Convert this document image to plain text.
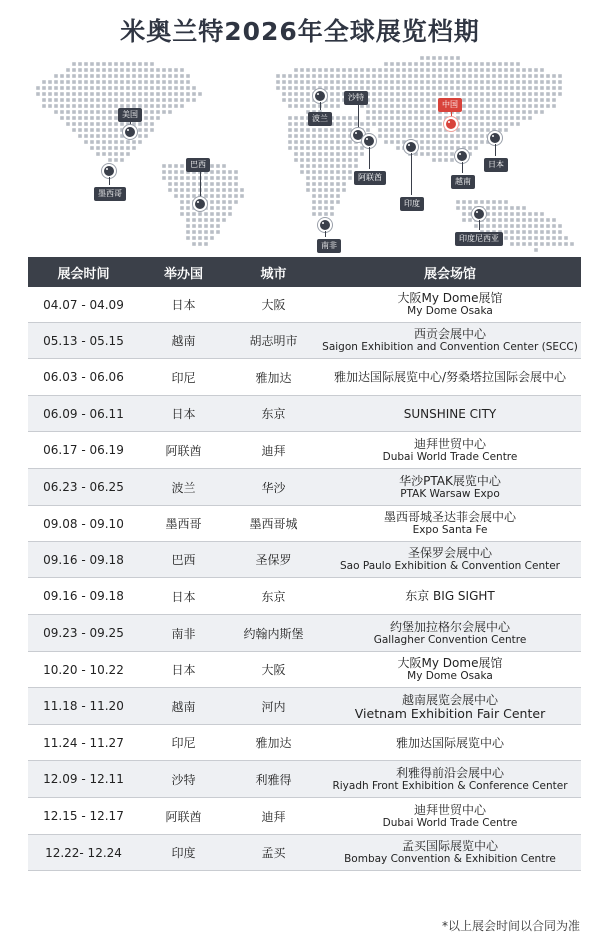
米奥兰特2026年全球展览档期
美国
墨西哥
巴西
波兰
沙特
阿联酋
南非
印度
中国
越南
日本
印度尼西亚
展会时间	举办国	城市	展会场馆
04.07 - 04.09	日本	大阪	大阪My Dome展馆
My Dome Osaka
05.13 - 05.15	越南	胡志明市	西贡会展中心
Saigon Exhibition and Convention Center (SECC)
06.03 - 06.06	印尼	雅加达	雅加达国际展览中心/努桑塔拉国际会展中心
06.09 - 06.11	日本	东京	SUNSHINE CITY
06.17 - 06.19	阿联酋	迪拜	迪拜世贸中心
Dubai World Trade Centre
06.23 - 06.25	波兰	华沙	华沙PTAK展览中心
PTAK Warsaw Expo
09.08 - 09.10	墨西哥	墨西哥城	墨西哥城圣达菲会展中心
Expo Santa Fe
09.16 - 09.18	巴西	圣保罗	圣保罗会展中心
Sao Paulo Exhibition & Convention Center
09.16 - 09.18	日本	东京	东京 BIG SIGHT
09.23 - 09.25	南非	约翰内斯堡	约堡加拉格尔会展中心
Gallagher Convention Centre
10.20 - 10.22	日本	大阪	大阪My Dome展馆
My Dome Osaka
11.18 - 11.20	越南	河内	越南展览会展中心
Vietnam Exhibition Fair Center
11.24 - 11.27	印尼	雅加达	雅加达国际展览中心
12.09 - 12.11	沙特	利雅得	利雅得前沿会展中心
Riyadh Front Exhibition & Conference Center
12.15 - 12.17	阿联酋	迪拜	迪拜世贸中心
Dubai World Trade Centre
12.22- 12.24	印度	孟买	孟买国际展览中心
Bombay Convention & Exhibition Centre
*以上展会时间以合同为准
